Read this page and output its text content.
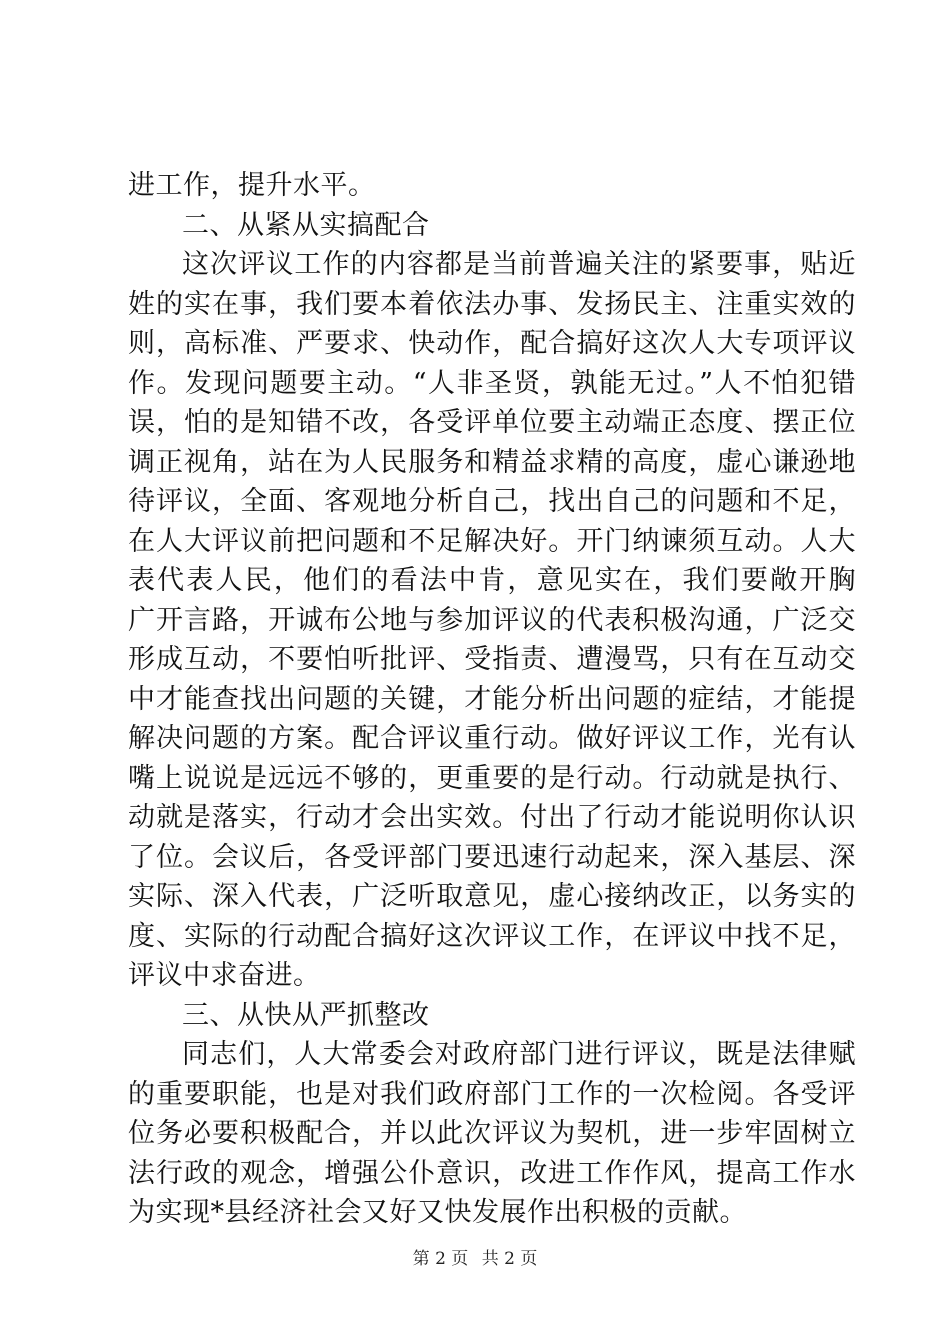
进工作，提升水平。
二、从紧从实搞配合
这次评议工作的内容都是当前普遍关注的紧要事，贴近
姓的实在事，我们要本着依法办事、发扬民主、注重实效的
则，高标准、严要求、快动作，配合搞好这次人大专项评议
作。发现问题要主动。“人非圣贤，孰能无过。”人不怕犯错
误，怕的是知错不改，各受评单位要主动端正态度、摆正位
调正视角，站在为人民服务和精益求精的高度，虚心谦逊地
待评议，全面、客观地分析自己，找出自己的问题和不足，
在人大评议前把问题和不足解决好。开门纳谏须互动。人大
表代表人民，他们的看法中肯，意见实在，我们要敞开胸
广开言路，开诚布公地与参加评议的代表积极沟通，广泛交
形成互动，不要怕听批评、受指责、遭漫骂，只有在互动交
中才能查找出问题的关键，才能分析出问题的症结，才能提
解决问题的方案。配合评议重行动。做好评议工作，光有认
嘴上说说是远远不够的，更重要的是行动。行动就是执行、
动就是落实，行动才会出实效。付出了行动才能说明你认识
了位。会议后，各受评部门要迅速行动起来，深入基层、深
实际、深入代表，广泛听取意见，虚心接纳改正，以务实的
度、实际的行动配合搞好这次评议工作，在评议中找不足，
评议中求奋进。
三、从快从严抓整改
同志们，人大常委会对政府部门进行评议，既是法律赋
的重要职能，也是对我们政府部门工作的一次检阅。各受评
位务必要积极配合，并以此次评议为契机，进一步牢固树立
法行政的观念，增强公仆意识，改进工作作风，提高工作水
为实现*县经济社会又好又快发展作出积极的贡献。
第 2 页 共 2 页
